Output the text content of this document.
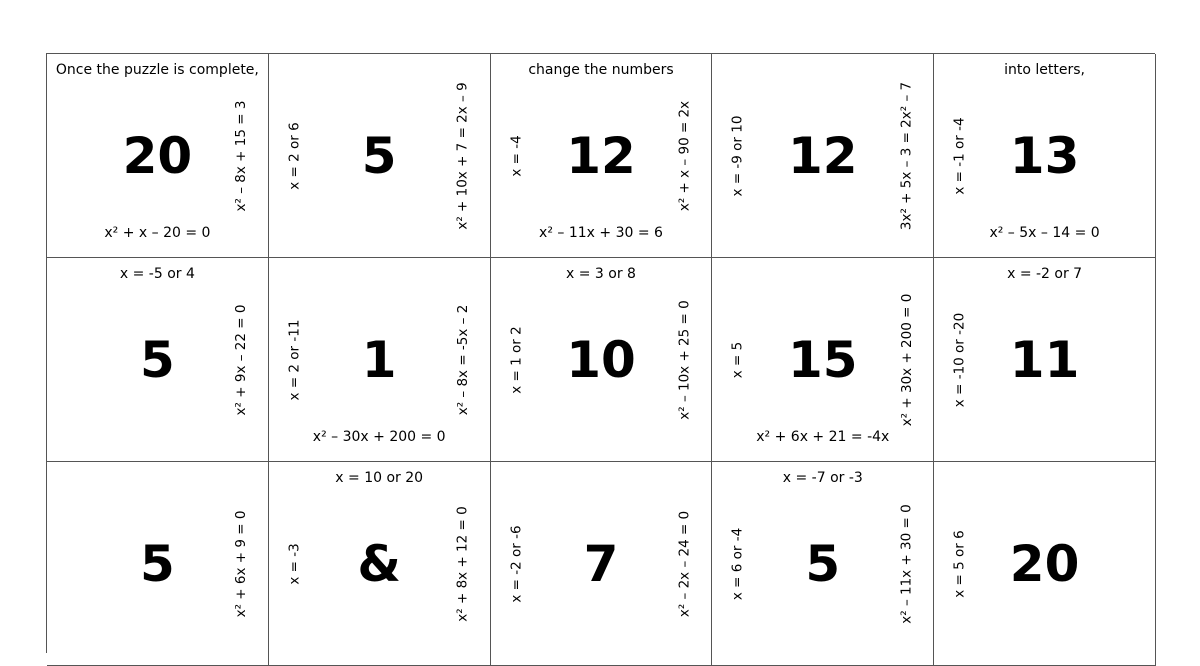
Once the puzzle is complete,
20
x² + x – 20 = 0
x² – 8x + 15 = 3 5
x = 2 or 6	x² + 10x + 7 = 2x – 9
change the numbers
12
x² – 11x + 30 = 6
x = -4	x² + x – 90 = 2x 12
x = -9 or 10	3x² + 5x – 3 = 2x² – 7
into letters,
13
x² – 5x – 14 = 0
x = -1 or -4
x = -5 or 4
5	x² + 9x – 22 = 0 1
x² – 30x + 200 = 0
x = 2 or -11	x² – 8x = -5x – 2
x = 3 or 8
10
x = 1 or 2	x² – 10x + 25 = 0 15
x² + 6x + 21 = -4x
x = 5	x² + 30x + 200 = 0
x = -2 or 7
11
x = -10 or -20
5	x² + 6x + 9 = 0
x = 10 or 20
&
x = -3	x² + 8x + 12 = 0 7
x = -2 or -6	x² – 2x – 24 = 0
x = -7 or -3
5
x = 6 or -4	x² – 11x + 30 = 0 20
x = 5 or 6
